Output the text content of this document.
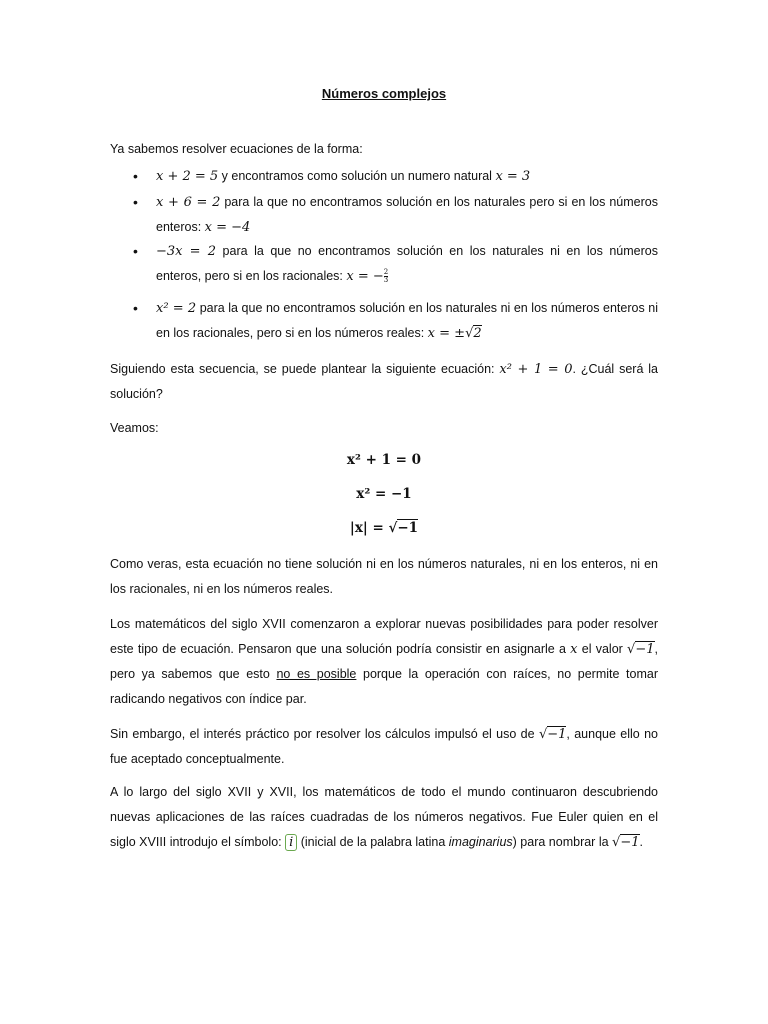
Números complejos
Ya sabemos resolver ecuaciones de la forma:
• x + 2 = 5 y encontramos como solución un numero natural x = 3
• x + 6 = 2 para la que no encontramos solución en los naturales pero si en los números enteros: x = −4
• −3x = 2 para la que no encontramos solución en los naturales ni en los números enteros, pero si en los racionales: x = − $\frac{2}{3}$
• x² = 2 para la que no encontramos solución en los naturales ni en los números enteros ni en los racionales, pero si en los números reales: x = ±√2
Siguiendo esta secuencia, se puede plantear la siguiente ecuación: x² + 1 = 0. ¿Cuál será la solución?
Veamos:
x² + 1 = 0
x² = −1
|x| = √−1
Como veras, esta ecuación no tiene solución ni en los números naturales, ni en los enteros, ni en los racionales, ni en los números reales.
Los matemáticos del siglo XVII comenzaron a explorar nuevas posibilidades para poder resolver este tipo de ecuación. Pensaron que una solución podría consistir en asignarle a x el valor √−1, pero ya sabemos que esto no es posible porque la operación con raíces, no permite tomar radicando negativos con índice par.
Sin embargo, el interés práctico por resolver los cálculos impulsó el uso de √−1, aunque ello no fue aceptado conceptualmente.
A lo largo del siglo XVII y XVII, los matemáticos de todo el mundo continuaron descubriendo nuevas aplicaciones de las raíces cuadradas de los números negativos. Fue Euler quien en el siglo XVIII introdujo el símbolo: i (inicial de la palabra latina imaginarius) para nombrar la √−1.
